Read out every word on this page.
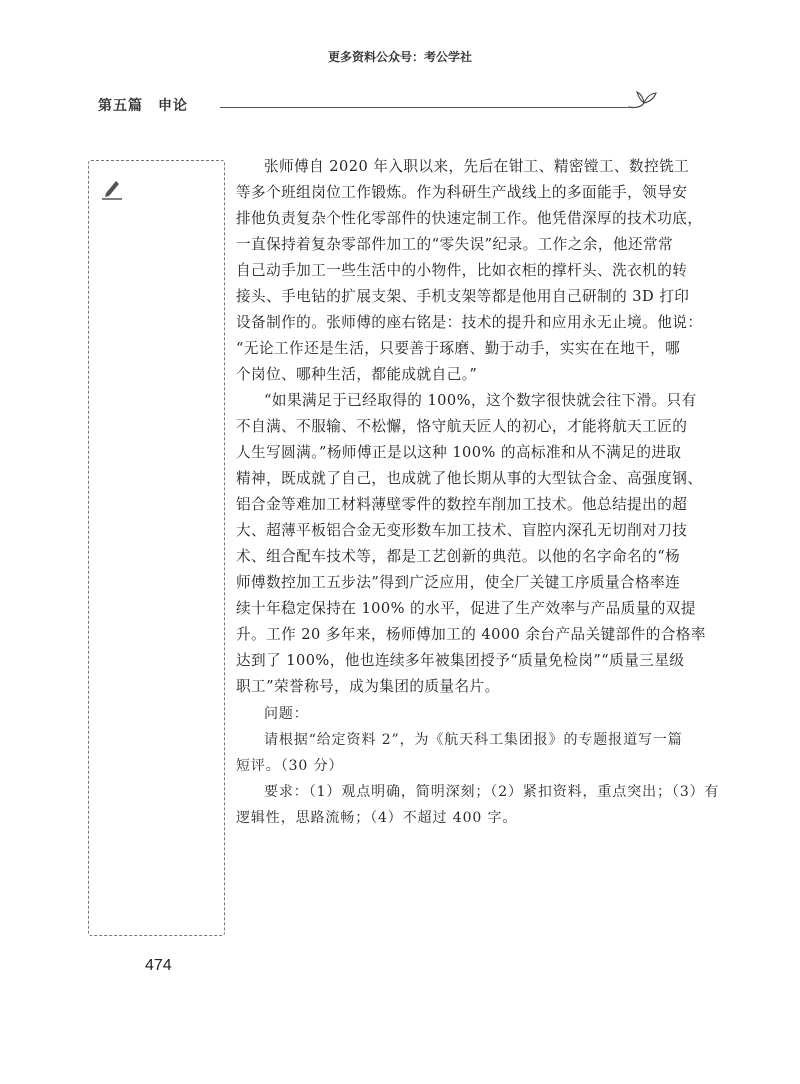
更多资料公众号：考公学社
第五篇　申论
张师傅自 2020 年入职以来，先后在钳工、精密镗工、数控铣工
等多个班组岗位工作锻炼。作为科研生产战线上的多面能手，领导安
排他负责复杂个性化零部件的快速定制工作。他凭借深厚的技术功底，
一直保持着复杂零部件加工的“零失误”纪录。工作之余，他还常常
自己动手加工一些生活中的小物件，比如衣柜的撑杆头、洗衣机的转
接头、手电钻的扩展支架、手机支架等都是他用自己研制的 3D 打印
设备制作的。张师傅的座右铭是：技术的提升和应用永无止境。他说：
“无论工作还是生活，只要善于琢磨、勤于动手，实实在在地干，哪
个岗位、哪种生活，都能成就自己。”
“如果满足于已经取得的 100%，这个数字很快就会往下滑。只有
不自满、不服输、不松懈，恪守航天匠人的初心，才能将航天工匠的
人生写圆满。”杨师傅正是以这种 100% 的高标准和从不满足的进取
精神，既成就了自己，也成就了他长期从事的大型钛合金、高强度钢、
铝合金等难加工材料薄壁零件的数控车削加工技术。他总结提出的超
大、超薄平板铝合金无变形数车加工技术、盲腔内深孔无切削对刀技
术、组合配车技术等，都是工艺创新的典范。以他的名字命名的“杨
师傅数控加工五步法”得到广泛应用，使全厂关键工序质量合格率连
续十年稳定保持在 100% 的水平，促进了生产效率与产品质量的双提
升。工作 20 多年来，杨师傅加工的 4000 余台产品关键部件的合格率
达到了 100%，他也连续多年被集团授予“质量免检岗”“质量三星级
职工”荣誉称号，成为集团的质量名片。
问题：
请根据“给定资料 2”，为《航天科工集团报》的专题报道写一篇
短评。（30 分）
要求：（1）观点明确，简明深刻；（2）紧扣资料，重点突出；（3）有
逻辑性，思路流畅；（4）不超过 400 字。
474
